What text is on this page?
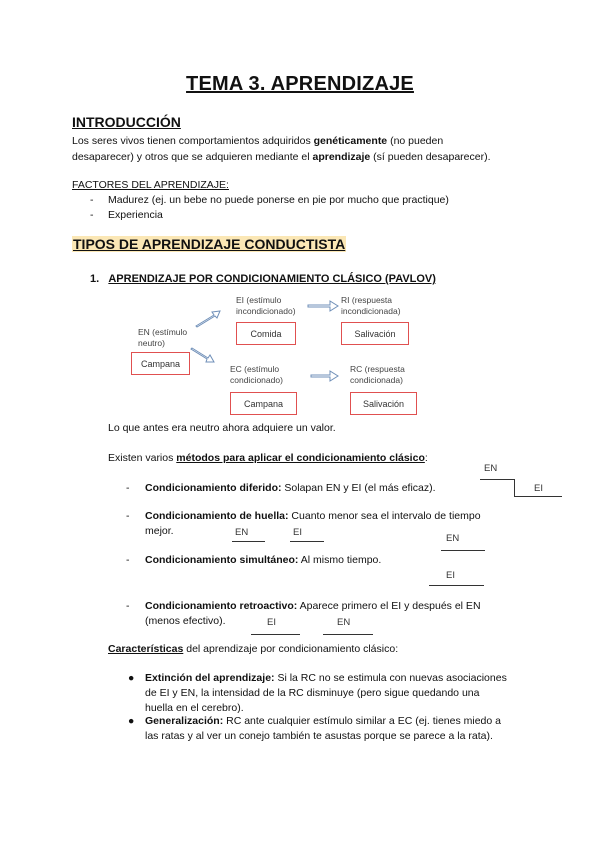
TEMA 3. APRENDIZAJE
INTRODUCCIÓN
Los seres vivos tienen comportamientos adquiridos genéticamente (no pueden
desaparecer) y otros que se adquieren mediante el aprendizaje (sí pueden desaparecer).
FACTORES DEL APRENDIZAJE:
- Madurez (ej. un bebe no puede ponerse en pie por mucho que practique)
- Experiencia
TIPOS DE APRENDIZAJE CONDUCTISTA
1. APRENDIZAJE POR CONDICIONAMIENTO CLÁSICO (PAVLOV)
EN (estímulo
neutro)
Campana
EI (estímulo
incondicionado)
Comida
RI (respuesta
incondicionada)
Salivación
EC (estímulo
condicionado)
Campana
RC (respuesta
condicionada)
Salivación
Lo que antes era neutro ahora adquiere un valor.
Existen varios métodos para aplicar el condicionamiento clásico:
- Condicionamiento diferido: Solapan EN y EI (el más eficaz).
EN
EI
- Condicionamiento de huella: Cuanto menor sea el intervalo de tiempo
mejor.	EN	EI
- Condicionamiento simultáneo: Al mismo tiempo.
EN
EI
- Condicionamiento retroactivo: Aparece primero el EI y después el EN
(menos efectivo).	EI	EN
Características del aprendizaje por condicionamiento clásico:
● Extinción del aprendizaje: Si la RC no se estimula con nuevas asociaciones
de EI y EN, la intensidad de la RC disminuye (pero sigue quedando una
huella en el cerebro).
● Generalización: RC ante cualquier estímulo similar a EC (ej. tienes miedo a
las ratas y al ver un conejo también te asustas porque se parece a la rata).
